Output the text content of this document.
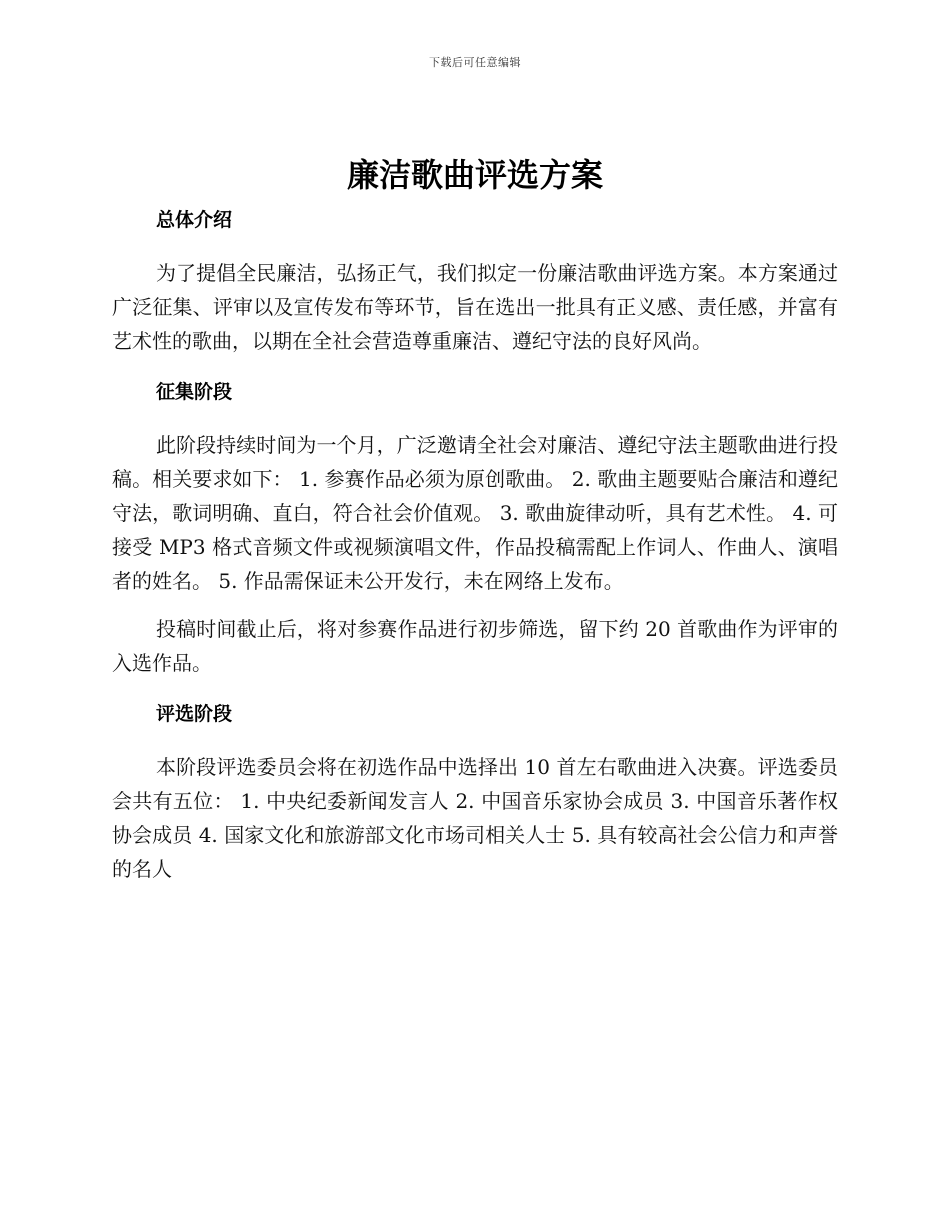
下载后可任意编辑
廉洁歌曲评选方案
总体介绍

为了提倡全民廉洁，弘扬正气，我们拟定一份廉洁歌曲评选方案。本方案通过广泛征集、评审以及宣传发布等环节，旨在选出一批具有正义感、责任感，并富有艺术性的歌曲，以期在全社会营造尊重廉洁、遵纪守法的良好风尚。

征集阶段

此阶段持续时间为一个月，广泛邀请全社会对廉洁、遵纪守法主题歌曲进行投稿。相关要求如下： 1. 参赛作品必须为原创歌曲。 2. 歌曲主题要贴合廉洁和遵纪守法，歌词明确、直白，符合社会价值观。 3. 歌曲旋律动听，具有艺术性。 4. 可接受 MP3 格式音频文件或视频演唱文件，作品投稿需配上作词人、作曲人、演唱者的姓名。 5. 作品需保证未公开发行，未在网络上发布。

投稿时间截止后，将对参赛作品进行初步筛选，留下约 20 首歌曲作为评审的入选作品。

评选阶段

本阶段评选委员会将在初选作品中选择出 10 首左右歌曲进入决赛。评选委员会共有五位： 1. 中央纪委新闻发言人 2. 中国音乐家协会成员 3. 中国音乐著作权协会成员 4. 国家文化和旅游部文化市场司相关人士 5. 具有较高社会公信力和声誉的名人
